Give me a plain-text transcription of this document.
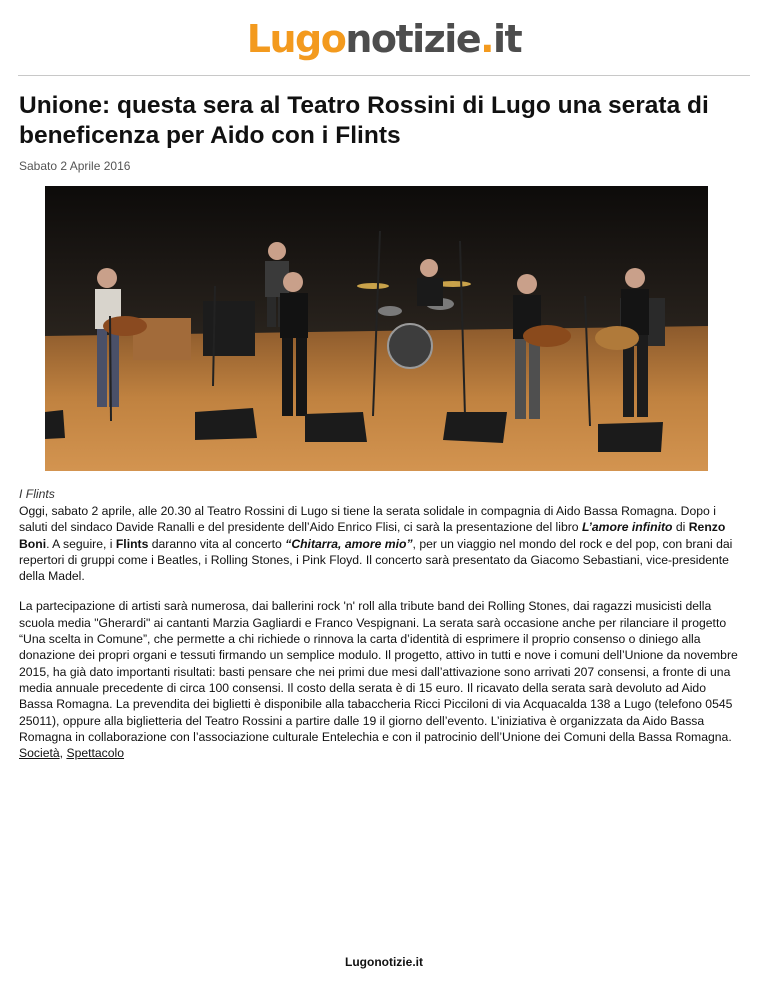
Lugonotizie.it
Unione: questa sera al Teatro Rossini di Lugo una serata di beneficenza per Aido con i Flints
Sabato 2 Aprile 2016
I Flints

Oggi, sabato 2 aprile, alle 20.30 al Teatro Rossini di Lugo si tiene la serata solidale in compagnia di Aido Bassa Romagna. Dopo i saluti del sindaco Davide Ranalli e del presidente dell’Aido Enrico Flisi, ci sarà la presentazione del libro L’amore infinito di Renzo Boni. A seguire, i Flints daranno vita al concerto “Chitarra, amore mio”, per un viaggio nel mondo del rock e del pop, con brani dai repertori di gruppi come i Beatles, i Rolling Stones, i Pink Floyd. Il concerto sarà presentato da Giacomo Sebastiani, vice-presidente della Madel.

La partecipazione di artisti sarà numerosa, dai ballerini rock 'n' roll alla tribute band dei Rolling Stones, dai ragazzi musicisti della scuola media "Gherardi" ai cantanti Marzia Gagliardi e Franco Vespignani. La serata sarà occasione anche per rilanciare il progetto “Una scelta in Comune”, che permette a chi richiede o rinnova la carta d’identità di esprimere il proprio consenso o diniego alla donazione dei propri organi e tessuti firmando un semplice modulo. Il progetto, attivo in tutti e nove i comuni dell’Unione da novembre 2015, ha già dato importanti risultati: basti pensare che nei primi due mesi dall’attivazione sono arrivati 207 consensi, a fronte di una media annuale precedente di circa 100 consensi. Il costo della serata è di 15 euro. Il ricavato della serata sarà devoluto ad Aido Bassa Romagna. La prevendita dei biglietti è disponibile alla tabaccheria Ricci Picciloni di via Acquacalda 138 a Lugo (telefono 0545 25011), oppure alla biglietteria del Teatro Rossini a partire dalle 19 il giorno dell’evento. L’iniziativa è organizzata da Aido Bassa Romagna in collaborazione con l’associazione culturale Entelechia e con il patrocinio dell’Unione dei Comuni della Bassa Romagna.

Società, Spettacolo
Lugonotizie.it
